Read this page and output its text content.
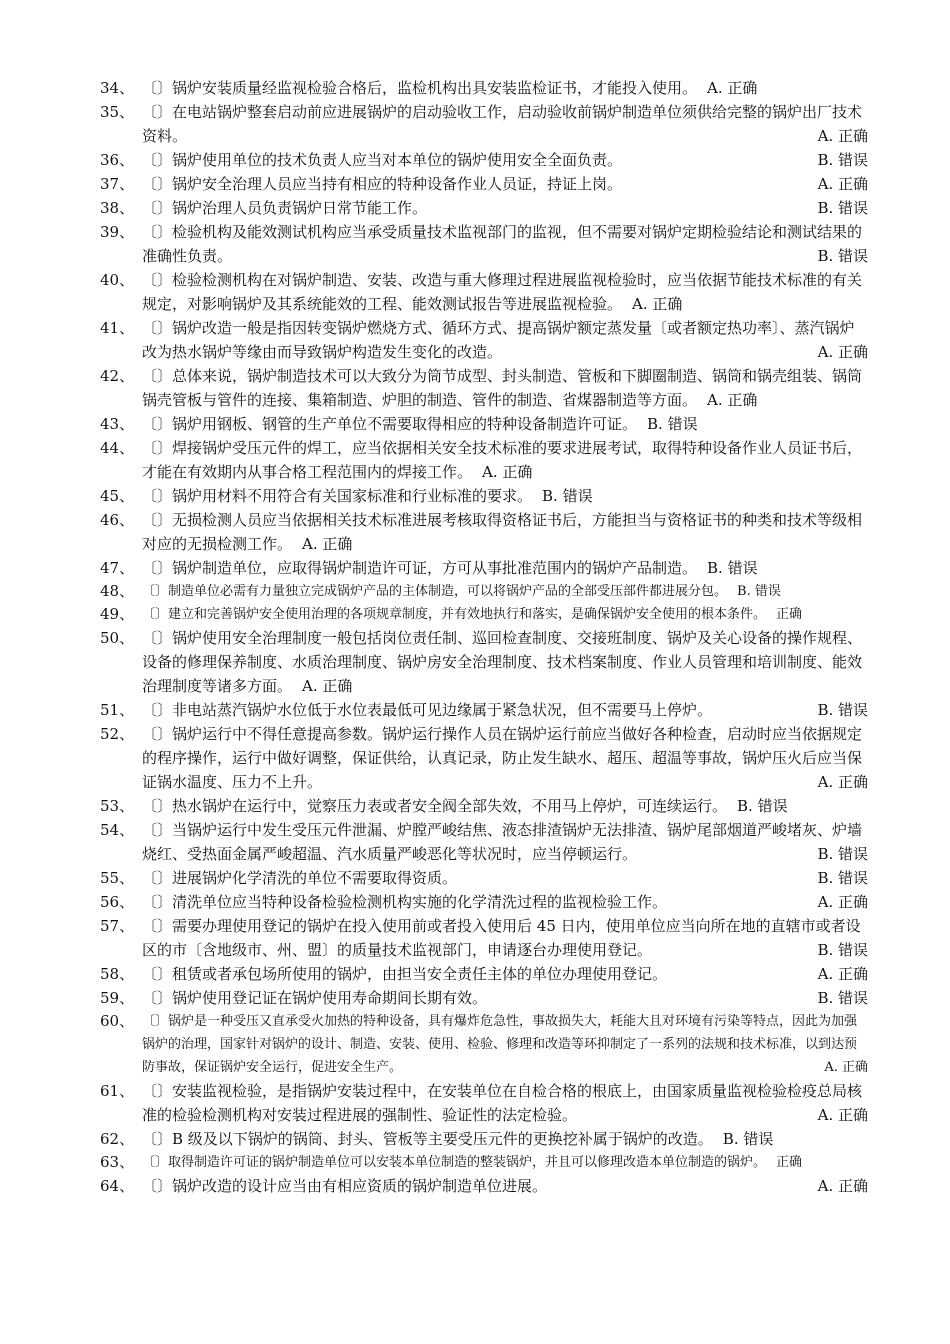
34、 〔〕锅炉安装质量经监视检验合格后，监检机构出具安装监检证书，才能投入使用。 A. 正确
35、 〔〕在电站锅炉整套启动前应进展锅炉的启动验收工作，启动验收前锅炉制造单位须供给完整的锅炉出厂技术资料。	A. 正确
36、 〔〕锅炉使用单位的技术负责人应当对本单位的锅炉使用安全全面负责。	B. 错误
37、 〔〕锅炉安全治理人员应当持有相应的特种设备作业人员证，持证上岗。	A. 正确
38、 〔〕锅炉治理人员负责锅炉日常节能工作。	B. 错误
39、 〔〕检验机构及能效测试机构应当承受质量技术监视部门的监视，但不需要对锅炉定期检验结论和测试结果的准确性负责。	B. 错误
40、 〔〕检验检测机构在对锅炉制造、安装、改造与重大修理过程进展监视检验时，应当依据节能技术标准的有关规定，对影响锅炉及其系统能效的工程、能效测试报告等进展监视检验。 A. 正确
41、 〔〕锅炉改造一般是指因转变锅炉燃烧方式、循环方式、提高锅炉额定蒸发量〔或者额定热功率〕、蒸汽锅炉改为热水锅炉等缘由而导致锅炉构造发生变化的改造。	A. 正确
42、 〔〕总体来说，锅炉制造技术可以大致分为筒节成型、封头制造、管板和下脚圈制造、锅筒和锅壳组装、锅筒锅壳管板与管件的连接、集箱制造、炉胆的制造、管件的制造、省煤器制造等方面。 A. 正确
43、 〔〕锅炉用钢板、钢管的生产单位不需要取得相应的特种设备制造许可证。 B. 错误
44、 〔〕焊接锅炉受压元件的焊工，应当依据相关安全技术标准的要求进展考试，取得特种设备作业人员证书后，才能在有效期内从事合格工程范围内的焊接工作。 A. 正确
45、 〔〕锅炉用材料不用符合有关国家标准和行业标准的要求。 B. 错误
46、 〔〕无损检测人员应当依据相关技术标准进展考核取得资格证书后，方能担当与资格证书的种类和技术等级相对应的无损检测工作。 A. 正确
47、 〔〕锅炉制造单位，应取得锅炉制造许可证，方可从事批准范围内的锅炉产品制造。 B. 错误
48、 〔〕制造单位必需有力量独立完成锅炉产品的主体制造，可以将锅炉产品的全部受压部件都进展分包。 B. 错误
49、 〔〕建立和完善锅炉安全使用治理的各项规章制度，并有效地执行和落实，是确保锅炉安全使用的根本条件。 正确
50、 〔〕锅炉使用安全治理制度一般包括岗位责任制、巡回检查制度、交接班制度、锅炉及关心设备的操作规程、设备的修理保养制度、水质治理制度、锅炉房安全治理制度、技术档案制度、作业人员管理和培训制度、能效治理制度等诸多方面。 A. 正确
51、 〔〕非电站蒸汽锅炉水位低于水位表最低可见边缘属于紧急状况，但不需要马上停炉。	B. 错误
52、 〔〕锅炉运行中不得任意提高参数。锅炉运行操作人员在锅炉运行前应当做好各种检查，启动时应当依据规定的程序操作，运行中做好调整，保证供给，认真记录，防止发生缺水、超压、超温等事故，锅炉压火后应当保证锅水温度、压力不上升。	A. 正确
53、 〔〕热水锅炉在运行中，觉察压力表或者安全阀全部失效，不用马上停炉，可连续运行。 B. 错误
54、 〔〕当锅炉运行中发生受压元件泄漏、炉膛严峻结焦、液态排渣锅炉无法排渣、锅炉尾部烟道严峻堵灰、炉墙烧红、受热面金属严峻超温、汽水质量严峻恶化等状况时，应当停顿运行。	B. 错误
55、 〔〕进展锅炉化学清洗的单位不需要取得资质。	B. 错误
56、 〔〕清洗单位应当特种设备检验检测机构实施的化学清洗过程的监视检验工作。	A. 正确
57、 〔〕需要办理使用登记的锅炉在投入使用前或者投入使用后 45 日内，使用单位应当向所在地的直辖市或者设区的市〔含地级市、州、盟〕的质量技术监视部门，申请逐台办理使用登记。	B. 错误
58、 〔〕租赁或者承包场所使用的锅炉，由担当安全责任主体的单位办理使用登记。	A. 正确
59、 〔〕锅炉使用登记证在锅炉使用寿命期间长期有效。	B. 错误
60、 〔〕锅炉是一种受压又直承受火加热的特种设备，具有爆炸危急性，事故损失大，耗能大且对环境有污染等特点，因此为加强锅炉的治理，国家针对锅炉的设计、制造、安装、使用、检验、修理和改造等环抑制定了一系列的法规和技术标准，以到达预防事故，保证锅炉安全运行，促进安全生产。	A. 正确
61、 〔〕安装监视检验，是指锅炉安装过程中，在安装单位在自检合格的根底上，由国家质量监视检验检疫总局核准的检验检测机构对安装过程进展的强制性、验证性的法定检验。	A. 正确
62、 〔〕B 级及以下锅炉的锅筒、封头、管板等主要受压元件的更换挖补属于锅炉的改造。 B. 错误
63、 〔〕取得制造许可证的锅炉制造单位可以安装本单位制造的整装锅炉，并且可以修理改造本单位制造的锅炉。 正确
64、 〔〕锅炉改造的设计应当由有相应资质的锅炉制造单位进展。	A. 正确
